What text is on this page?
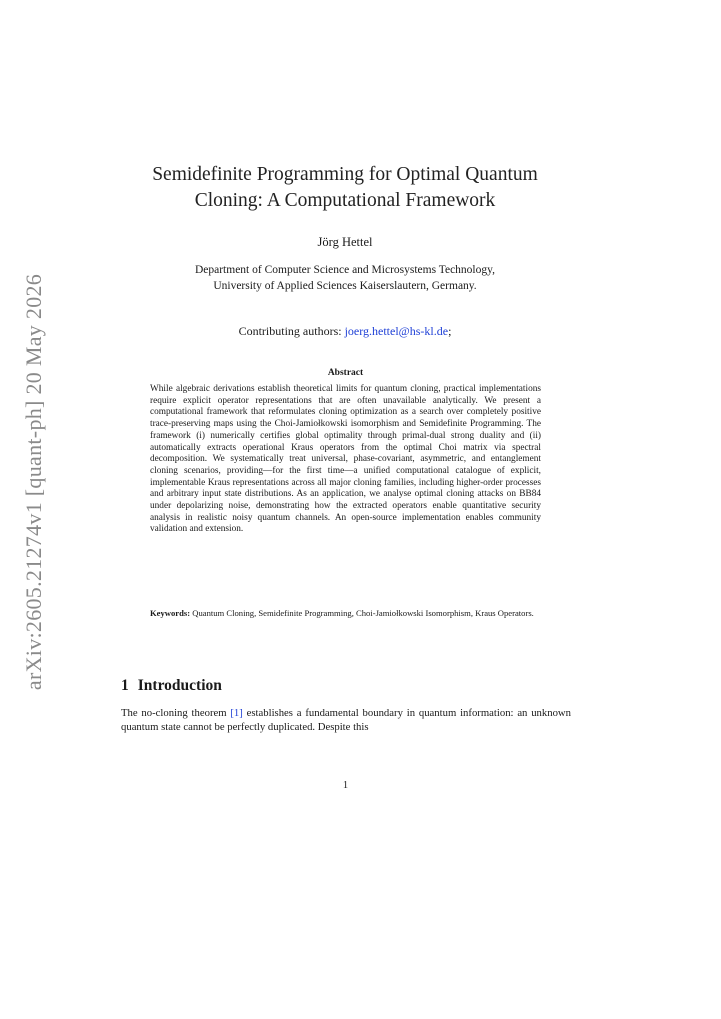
arXiv:2605.21274v1 [quant-ph] 20 May 2026
Semidefinite Programming for Optimal Quantum
Cloning: A Computational Framework
Jörg Hettel
Department of Computer Science and Microsystems Technology,
University of Applied Sciences Kaiserslautern, Germany.
Contributing authors: joerg.hettel@hs-kl.de;
Abstract
While algebraic derivations establish theoretical limits for quantum cloning, practical implementations require explicit operator representations that are often unavailable analytically. We present a computational framework that reformulates cloning optimization as a search over completely positive trace-preserving maps using the Choi-Jamiołkowski isomorphism and Semidefinite Programming. The framework (i) numerically certifies global optimality through primal-dual strong duality and (ii) automatically extracts operational Kraus operators from the optimal Choi matrix via spectral decomposition. We systematically treat universal, phase-covariant, asymmetric, and entanglement cloning scenarios, providing—for the first time—a unified computational catalogue of explicit, implementable Kraus representations across all major cloning families, including higher-order processes and arbitrary input state distributions. As an application, we analyse optimal cloning attacks on BB84 under depolarizing noise, demonstrating how the extracted operators enable quantitative security analysis in realistic noisy quantum channels. An open-source implementation enables community validation and extension.
Keywords: Quantum Cloning, Semidefinite Programming, Choi-Jamiołkowski Isomorphism, Kraus Operators.
1 Introduction
The no-cloning theorem [1] establishes a fundamental boundary in quantum information: an unknown quantum state cannot be perfectly duplicated. Despite this
1
